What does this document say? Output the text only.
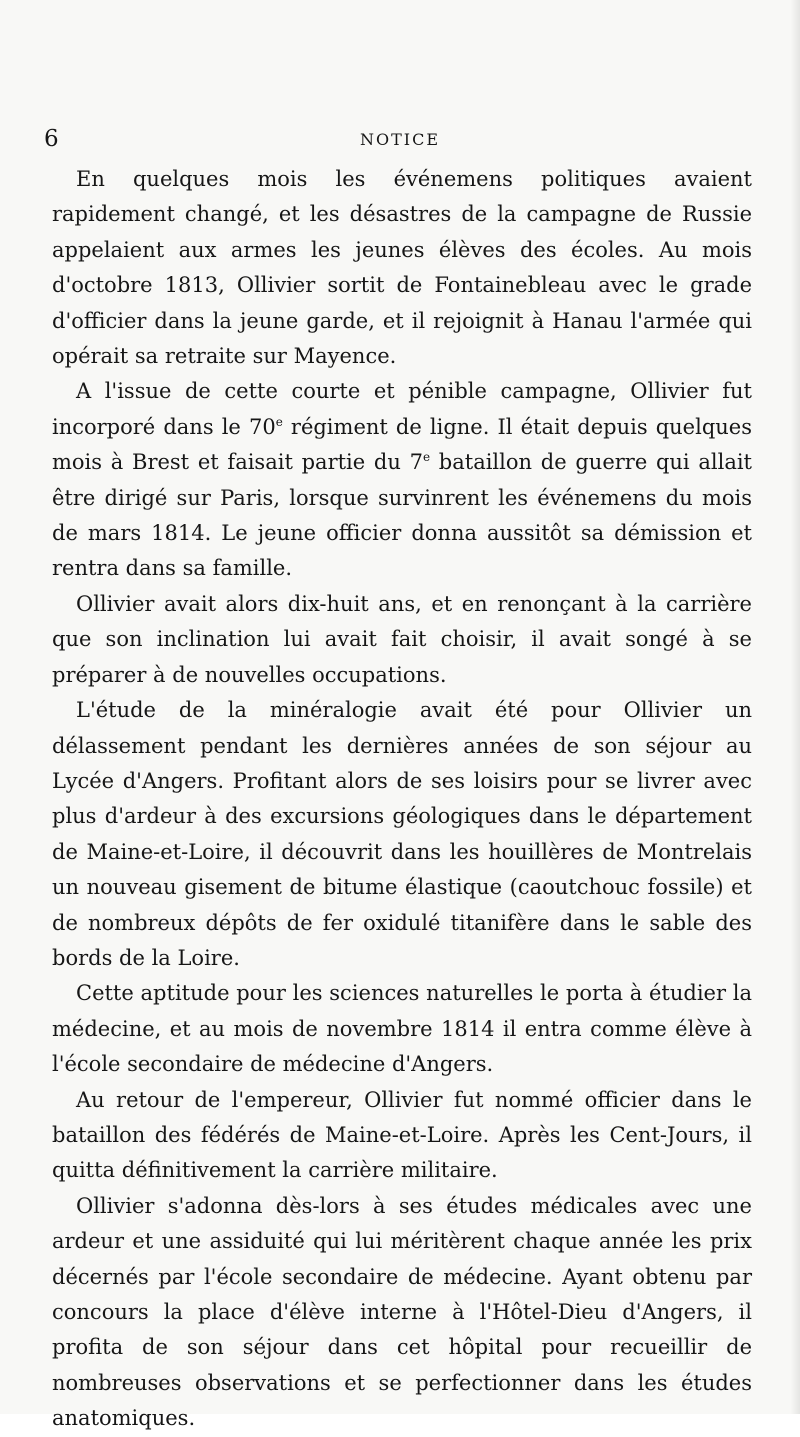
6	NOTICE

En quelques mois les événemens politiques avaient rapidement changé, et les désastres de la campagne de Russie appelaient aux armes les jeunes élèves des écoles. Au mois d'octobre 1813, Ollivier sortit de Fontainebleau avec le grade d'officier dans la jeune garde, et il rejoignit à Hanau l'armée qui opérait sa retraite sur Mayence.

A l'issue de cette courte et pénible campagne, Ollivier fut incorporé dans le 70e régiment de ligne. Il était depuis quelques mois à Brest et faisait partie du 7e bataillon de guerre qui allait être dirigé sur Paris, lorsque survinrent les événemens du mois de mars 1814. Le jeune officier donna aussitôt sa démission et rentra dans sa famille.

Ollivier avait alors dix-huit ans, et en renonçant à la carrière que son inclination lui avait fait choisir, il avait songé à se préparer à de nouvelles occupations.

L'étude de la minéralogie avait été pour Ollivier un délassement pendant les dernières années de son séjour au Lycée d'Angers. Profitant alors de ses loisirs pour se livrer avec plus d'ardeur à des excursions géologiques dans le département de Maine-et-Loire, il découvrit dans les houillères de Montrelais un nouveau gisement de bitume élastique (caoutchouc fossile) et de nombreux dépôts de fer oxidulé titanifère dans le sable des bords de la Loire.

Cette aptitude pour les sciences naturelles le porta à étudier la médecine, et au mois de novembre 1814 il entra comme élève à l'école secondaire de médecine d'Angers.

Au retour de l'empereur, Ollivier fut nommé officier dans le bataillon des fédérés de Maine-et-Loire. Après les Cent-Jours, il quitta définitivement la carrière militaire.

Ollivier s'adonna dès-lors à ses études médicales avec une ardeur et une assiduité qui lui méritèrent chaque année les prix décernés par l'école secondaire de médecine. Ayant obtenu par concours la place d'élève interne à l'Hôtel-Dieu d'Angers, il profita de son séjour dans cet hôpital pour recueillir de nombreuses observations et se perfectionner dans les études anatomiques.
